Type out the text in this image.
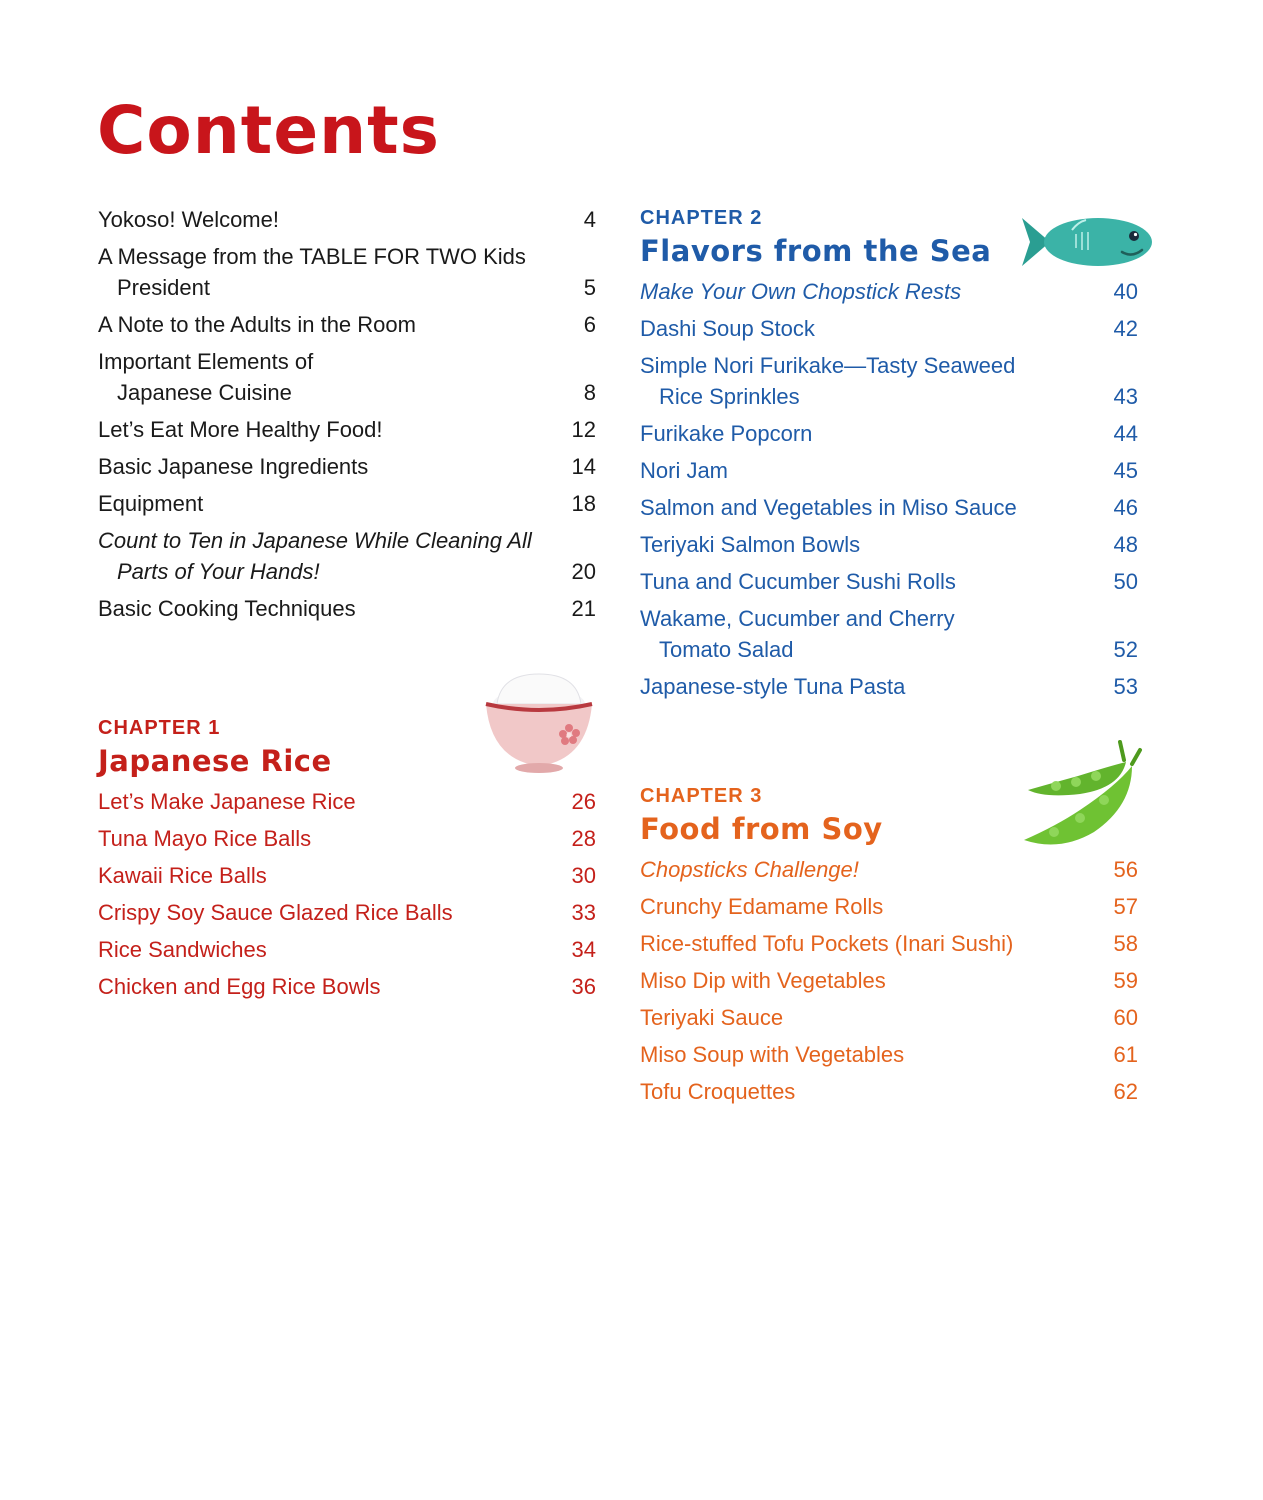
Contents
Yokoso! Welcome!	4
A Message from the TABLE FOR TWO Kids
President	5
A Note to the Adults in the Room	6
Important Elements of
Japanese Cuisine	8
Let’s Eat More Healthy Food!	12
Basic Japanese Ingredients	14
Equipment	18
Count to Ten in Japanese While Cleaning All
Parts of Your Hands!	20
Basic Cooking Techniques	21
CHAPTER 1
Japanese Rice
Let’s Make Japanese Rice	26
Tuna Mayo Rice Balls	28
Kawaii Rice Balls	30
Crispy Soy Sauce Glazed Rice Balls	33
Rice Sandwiches	34
Chicken and Egg Rice Bowls	36
CHAPTER 2
Flavors from the Sea
Make Your Own Chopstick Rests	40
Dashi Soup Stock	42
Simple Nori Furikake—Tasty Seaweed
Rice Sprinkles	43
Furikake Popcorn	44
Nori Jam	45
Salmon and Vegetables in Miso Sauce	46
Teriyaki Salmon Bowls	48
Tuna and Cucumber Sushi Rolls	50
Wakame, Cucumber and Cherry
Tomato Salad	52
Japanese-style Tuna Pasta	53
CHAPTER 3
Food from Soy
Chopsticks Challenge!	56
Crunchy Edamame Rolls	57
Rice-stuffed Tofu Pockets (Inari Sushi)	58
Miso Dip with Vegetables	59
Teriyaki Sauce	60
Miso Soup with Vegetables	61
Tofu Croquettes	62
